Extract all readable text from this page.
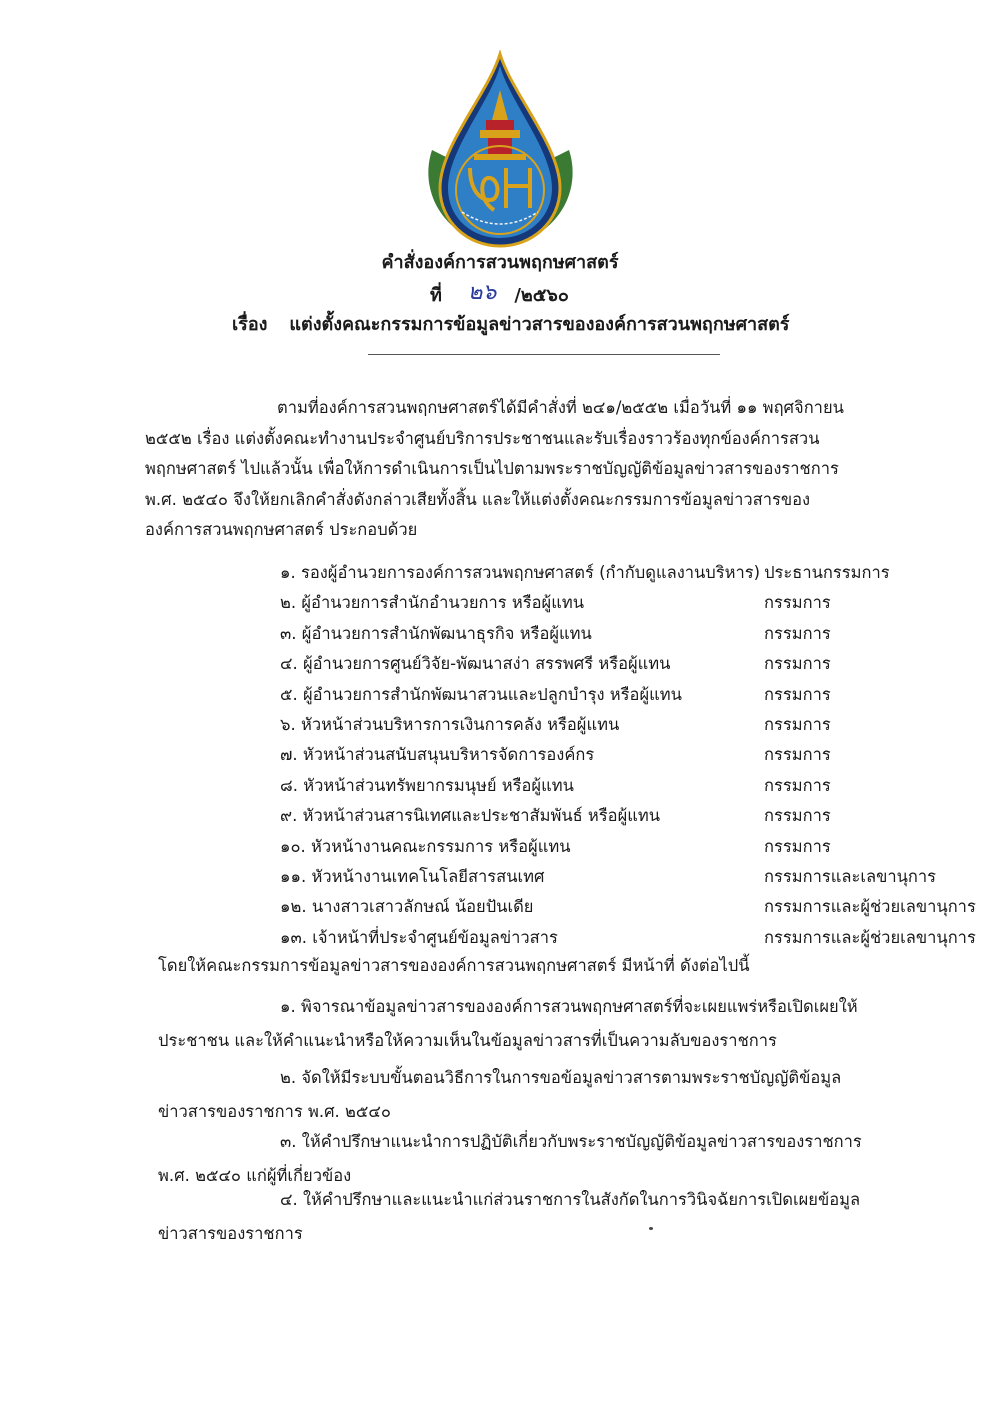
คำสั่งองค์การสวนพฤกษศาสตร์
ที่ ๒๖ /๒๕๖๐
เรื่อง แต่งตั้งคณะกรรมการข้อมูลข่าวสารขององค์การสวนพฤกษศาสตร์
ตามที่องค์การสวนพฤกษศาสตร์ได้มีคำสั่งที่ ๒๔๑/๒๕๕๒ เมื่อวันที่ ๑๑ พฤศจิกายน ๒๕๕๒ เรื่อง แต่งตั้งคณะทำงานประจำศูนย์บริการประชาชนและรับเรื่องราวร้องทุกข์องค์การสวนพฤกษศาสตร์ ไปแล้วนั้น เพื่อให้การดำเนินการเป็นไปตามพระราชบัญญัติข้อมูลข่าวสารของราชการ พ.ศ. ๒๕๔๐ จึงให้ยกเลิกคำสั่งดังกล่าวเสียทั้งสิ้น และให้แต่งตั้งคณะกรรมการข้อมูลข่าวสารขององค์การสวนพฤกษศาสตร์ ประกอบด้วย
๑. รองผู้อำนวยการองค์การสวนพฤกษศาสตร์ (กำกับดูแลงานบริหาร) ประธานกรรมการ
๒. ผู้อำนวยการสำนักอำนวยการ หรือผู้แทน	กรรมการ
๓. ผู้อำนวยการสำนักพัฒนาธุรกิจ หรือผู้แทน	กรรมการ
๔. ผู้อำนวยการศูนย์วิจัย-พัฒนาสง่า สรรพศรี หรือผู้แทน	กรรมการ
๕. ผู้อำนวยการสำนักพัฒนาสวนและปลูกบำรุง หรือผู้แทน	กรรมการ
๖. หัวหน้าส่วนบริหารการเงินการคลัง หรือผู้แทน	กรรมการ
๗. หัวหน้าส่วนสนับสนุนบริหารจัดการองค์กร	กรรมการ
๘. หัวหน้าส่วนทรัพยากรมนุษย์ หรือผู้แทน	กรรมการ
๙. หัวหน้าส่วนสารนิเทศและประชาสัมพันธ์ หรือผู้แทน	กรรมการ
๑๐. หัวหน้างานคณะกรรมการ หรือผู้แทน	กรรมการ
๑๑. หัวหน้างานเทคโนโลยีสารสนเทศ	กรรมการและเลขานุการ
๑๒. นางสาวเสาวลักษณ์ น้อยปันเดีย	กรรมการและผู้ช่วยเลขานุการ
๑๓. เจ้าหน้าที่ประจำศูนย์ข้อมูลข่าวสาร	กรรมการและผู้ช่วยเลขานุการ
โดยให้คณะกรรมการข้อมูลข่าวสารขององค์การสวนพฤกษศาสตร์ มีหน้าที่ ดังต่อไปนี้
๑. พิจารณาข้อมูลข่าวสารขององค์การสวนพฤกษศาสตร์ที่จะเผยแพร่หรือเปิดเผยให้ประชาชน และให้คำแนะนำหรือให้ความเห็นในข้อมูลข่าวสารที่เป็นความลับของราชการ
๒. จัดให้มีระบบขั้นตอนวิธีการในการขอข้อมูลข่าวสารตามพระราชบัญญัติข้อมูลข่าวสารของราชการ พ.ศ. ๒๕๔๐
๓. ให้คำปรึกษาแนะนำการปฏิบัติเกี่ยวกับพระราชบัญญัติข้อมูลข่าวสารของราชการ พ.ศ. ๒๕๔๐ แก่ผู้ที่เกี่ยวข้อง
๔. ให้คำปรึกษาและแนะนำแก่ส่วนราชการในสังกัดในการวินิจฉัยการเปิดเผยข้อมูลข่าวสารของราชการ
